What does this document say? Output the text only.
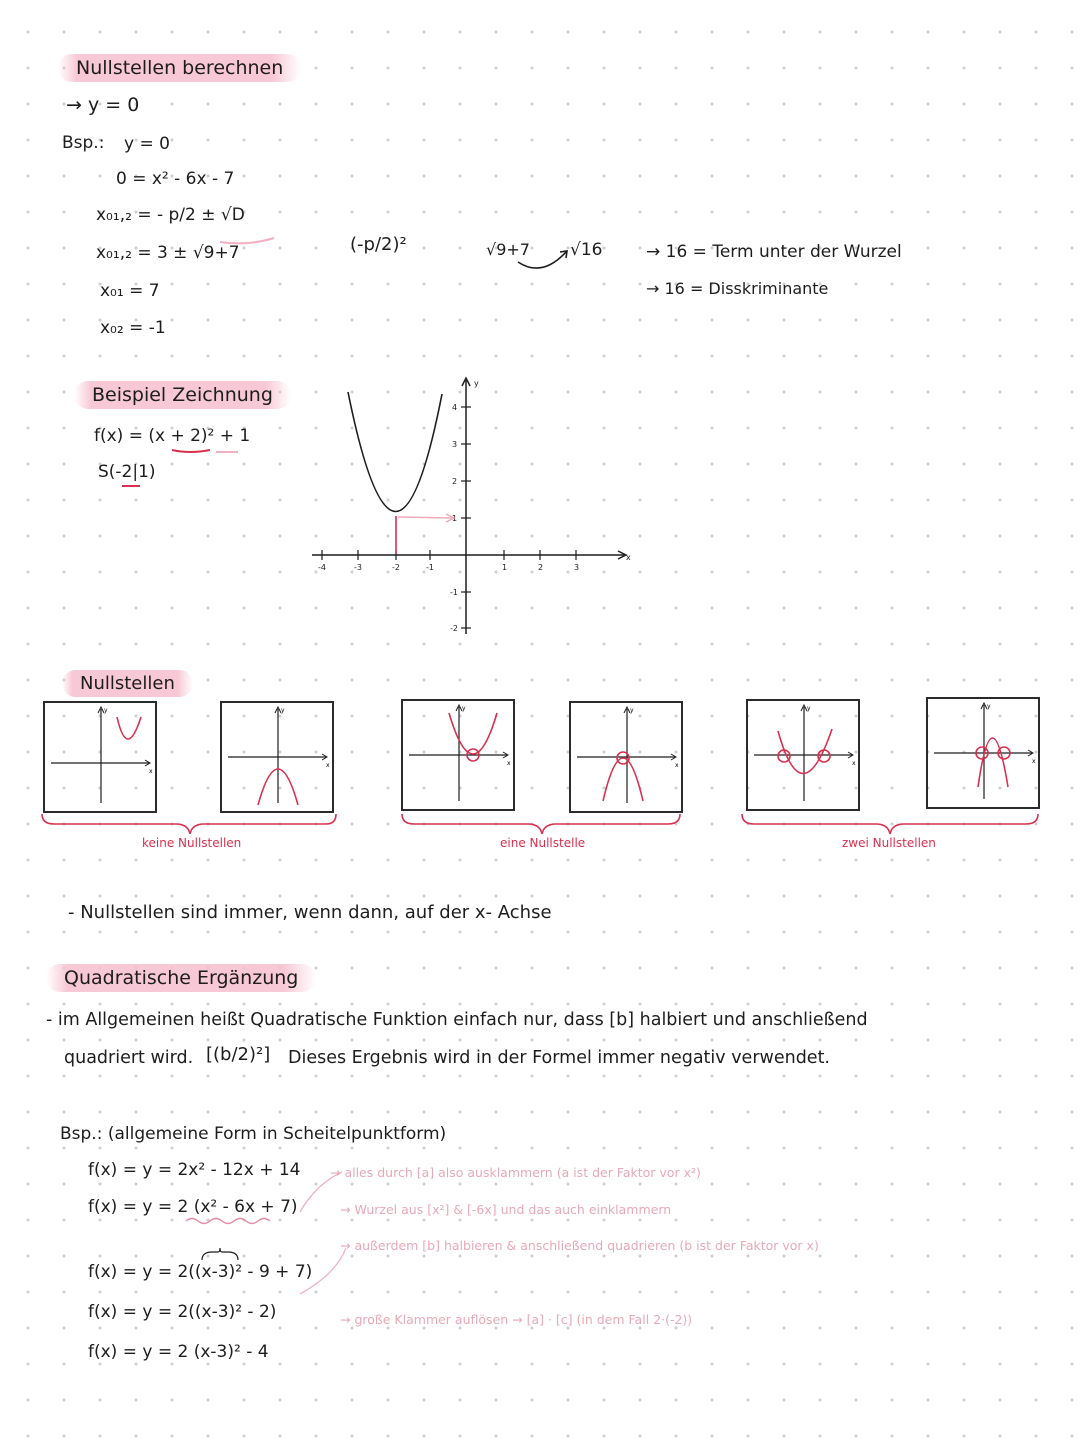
Nullstellen berechnen
→ y = 0
Bsp.: y = 0
0 = x² - 6x - 7
x₀₁,₂ = - p/2 ± √D
x₀₁,₂ = 3 ± √9+7
x₀₁ = 7
x₀₂ = -1
(-p/2)²	√9+7 √16	→ 16 = Term unter der Wurzel
→ 16 = Disskriminante
Beispiel Zeichnung
f(x) = (x + 2)² + 1
S(-2|1)
-4	-3	-2	-1	1	2	3
4
3
2
1
-1
-2
x
y
Nullstellen
x
y
x
y
x
y
x
y
x
y
x
y
keine Nullstellen	eine Nullstelle	zwei Nullstellen
- Nullstellen sind immer, wenn dann, auf der x- Achse
Quadratische Ergänzung
- im Allgemeinen heißt Quadratische Funktion einfach nur, dass [b] halbiert und anschließend
quadriert wird. [(b/2)²] Dieses Ergebnis wird in der Formel immer negativ verwendet.
Bsp.: (allgemeine Form in Scheitelpunktform)
f(x) = y = 2x² - 12x + 14
f(x) = y = 2 (x² - 6x + 7)
f(x) = y = 2((x-3)² - 9 + 7)
f(x) = y = 2((x-3)² - 2)
f(x) = y = 2 (x-3)² - 4
→ alles durch [a] also ausklammern (a ist der Faktor vor x²)
→ Wurzel aus [x²] & [-6x] und das auch einklammern
→ außerdem [b] halbieren & anschließend quadrieren (b ist der Faktor vor x)
→ große Klammer auflösen → [a] · [c] (in dem Fall 2·(-2))
